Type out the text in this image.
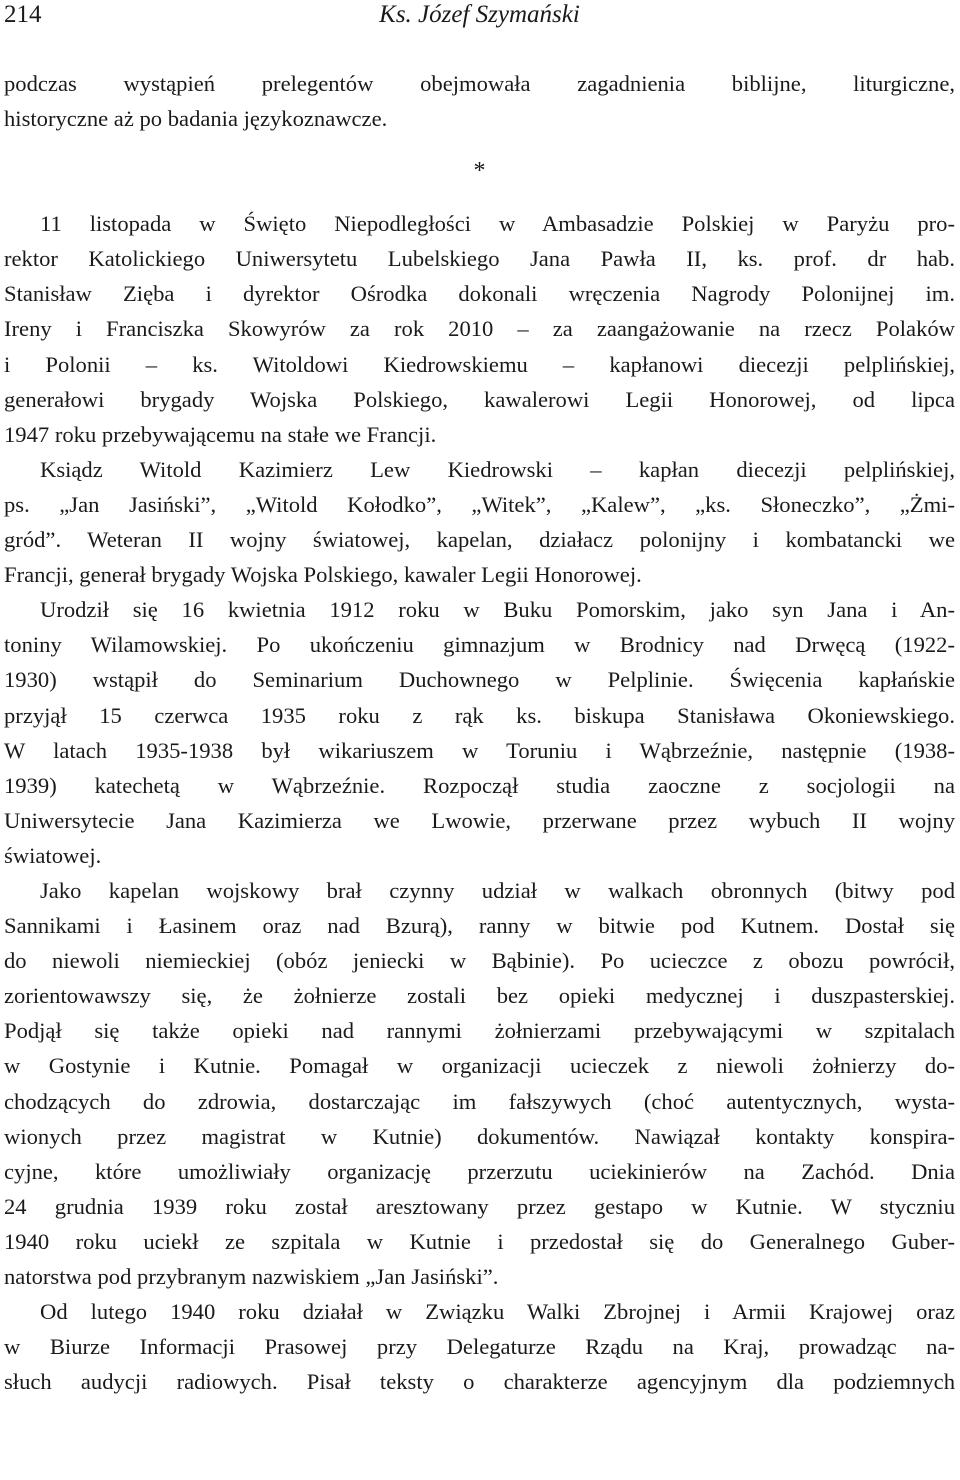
214	Ks. Józef Szymański

podczas wystąpień prelegentów obejmowała zagadnienia biblijne, liturgiczne,

historyczne aż po badania językoznawcze.

*

11 listopada w Święto Niepodległości w Ambasadzie Polskiej w Paryżu pro-

rektor Katolickiego Uniwersytetu Lubelskiego Jana Pawła II, ks. prof. dr hab.

Stanisław Zięba i dyrektor Ośrodka dokonali wręczenia Nagrody Polonijnej im.

Ireny i Franciszka Skowyrów za rok 2010 – za zaangażowanie na rzecz Polaków

i Polonii – ks. Witoldowi Kiedrowskiemu – kapłanowi diecezji pelplińskiej,

generałowi brygady Wojska Polskiego, kawalerowi Legii Honorowej, od lipca

1947 roku przebywającemu na stałe we Francji.

Ksiądz Witold Kazimierz Lew Kiedrowski – kapłan diecezji pelplińskiej,

ps. „Jan Jasiński”, „Witold Kołodko”, „Witek”, „Kalew”, „ks. Słoneczko”, „Żmi-

gród”. Weteran II wojny światowej, kapelan, działacz polonijny i kombatancki we

Francji, generał brygady Wojska Polskiego, kawaler Legii Honorowej.

Urodził się 16 kwietnia 1912 roku w Buku Pomorskim, jako syn Jana i An-

toniny Wilamowskiej. Po ukończeniu gimnazjum w Brodnicy nad Drwęcą (1922-

1930) wstąpił do Seminarium Duchownego w Pelplinie. Święcenia kapłańskie

przyjął 15 czerwca 1935 roku z rąk ks. biskupa Stanisława Okoniewskiego.

W latach 1935-1938 był wikariuszem w Toruniu i Wąbrzeźnie, następnie (1938-

1939) katechetą w Wąbrzeźnie. Rozpoczął studia zaoczne z socjologii na

Uniwersytecie Jana Kazimierza we Lwowie, przerwane przez wybuch II wojny

światowej.

Jako kapelan wojskowy brał czynny udział w walkach obronnych (bitwy pod

Sannikami i Łasinem oraz nad Bzurą), ranny w bitwie pod Kutnem. Dostał się

do niewoli niemieckiej (obóz jeniecki w Bąbinie). Po ucieczce z obozu powrócił,

zorientowawszy się, że żołnierze zostali bez opieki medycznej i duszpasterskiej.

Podjął się także opieki nad rannymi żołnierzami przebywającymi w szpitalach

w Gostynie i Kutnie. Pomagał w organizacji ucieczek z niewoli żołnierzy do-

chodzących do zdrowia, dostarczając im fałszywych (choć autentycznych, wysta-

wionych przez magistrat w Kutnie) dokumentów. Nawiązał kontakty konspira-

cyjne, które umożliwiały organizację przerzutu uciekinierów na Zachód. Dnia

24 grudnia 1939 roku został aresztowany przez gestapo w Kutnie. W styczniu

1940 roku uciekł ze szpitala w Kutnie i przedostał się do Generalnego Guber-

natorstwa pod przybranym nazwiskiem „Jan Jasiński”.

Od lutego 1940 roku działał w Związku Walki Zbrojnej i Armii Krajowej oraz

w Biurze Informacji Prasowej przy Delegaturze Rządu na Kraj, prowadząc na-

słuch audycji radiowych. Pisał teksty o charakterze agencyjnym dla podziemnych
